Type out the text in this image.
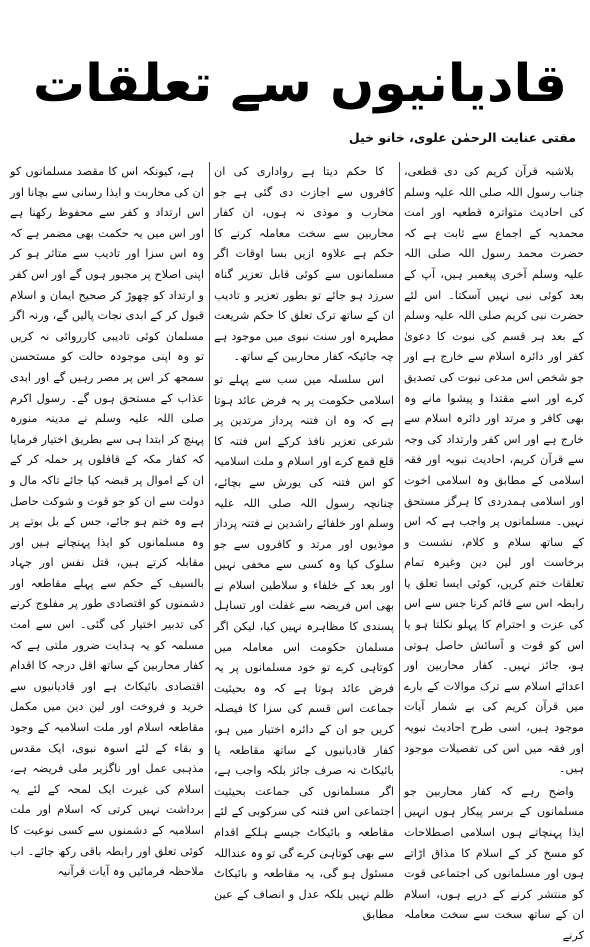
قادیانیوں سے تعلقات
مفتی عنایت الرحمٰن علوی، خانو خیل

بلاشبہ قرآن کریم کی دی قطعی، جناب رسول اللہ صلی اللہ علیہ وسلم کی احادیث متواترہ قطعیہ اور امت محمدیہ کے اجماع سے ثابت ہے کہ حضرت محمد رسول اللہ صلی اللہ علیہ وسلم آخری پیغمبر ہیں، آپ کے بعد کوئی نبی نہیں آسکتا۔ اس لئے حضرت نبی کریم صلی اللہ علیہ وسلم کے بعد ہر قسم کی نبوت کا دعویٰ کفر اور دائرہ اسلام سے خارج ہے اور جو شخص اس مدعی نبوت کی تصدیق کرے اور اسے مقتدا و پیشوا مانے وہ بھی کافر و مرتد اور دائرہ اسلام سے خارج ہے اور اس کفر وارتداد کی وجہ سے قرآن کریم، احادیث نبویہ اور فقہ اسلامی کے مطابق وہ اسلامی اخوت اور اسلامی ہمدردی کا ہرگز مستحق نہیں۔ مسلمانوں پر واجب ہے کہ اس کے ساتھ سلام و کلام، نشست و برخاست اور لین دین وغیرہ تمام تعلقات ختم کریں، کوئی ایسا تعلق یا رابطہ اس سے قائم کرنا جس سے اس کی عزت و احترام کا پہلو نکلتا ہو یا اس کو قوت و آسائش حاصل ہوتی ہو، جائز نہیں۔ کفار محاربین اور اعدائے اسلام سے ترک موالات کے بارے میں قرآن کریم کی بے شمار آیات موجود ہیں، اسی طرح احادیث نبویہ اور فقہ میں اس کی تفصیلات موجود ہیں۔

واضح رہے کہ کفار محاربین جو مسلمانوں کے برسر پیکار ہوں انہیں ایذا پہنچاتے ہوں اسلامی اصطلاحات کو مسخ کر کے اسلام کا مذاق اڑاتے ہوں اور مسلمانوں کی اجتماعی قوت کو منتشر کرنے کے درپے ہوں، اسلام ان کے ساتھ سخت سے سخت معاملہ کرنے

کا حکم دیتا ہے رواداری کی ان کافروں سے اجازت دی گئی ہے جو محارب و موذی نہ ہوں، ان کفار محاربین سے سخت معاملہ کرنے کا حکم ہے علاوہ ازیں بسا اوقات اگر مسلمانوں سے کوئی قابل تعزیر گناہ سرزد ہو جائے تو بطور تعزیر و تادیب ان کے ساتھ ترک تعلق کا حکم شریعت مطہرہ اور سنت نبوی میں موجود ہے چہ جائیکہ کفار محاربین کے ساتھ۔

اس سلسلہ میں سب سے پہلے تو اسلامی حکومت پر یہ فرض عائد ہوتا ہے کہ وہ ان فتنہ پرداز مرتدین پر شرعی تعزیر نافذ کرکے اس فتنہ کا قلع قمع کرے اور اسلام و ملت اسلامیہ کو اس فتنہ کی یورش سے بچائے، چنانچہ رسول اللہ صلی اللہ علیہ وسلم اور خلفائے راشدین نے فتنہ پرداز موذیوں اور مرتد و کافروں سے جو سلوک کیا وہ کسی سے مخفی نہیں اور بعد کے خلفاء و سلاطین اسلام نے بھی اس فریضہ سے غفلت اور تساہل پسندی کا مظاہرہ نہیں کیا، لیکن اگر مسلمان حکومت اس معاملہ میں کوتاہی کرے تو خود مسلمانوں پر یہ فرض عائد ہوتا ہے کہ وہ بحیثیت جماعت اس قسم کی سزا کا فیصلہ کریں جو ان کے دائرہ اختیار میں ہو، کفار قادیانیوں کے ساتھ مقاطعہ یا بائیکاٹ نہ صرف جائز بلکہ واجب ہے، اگر مسلمانوں کی جماعت بحیثیت اجتماعی اس فتنہ کی سرکوبی کے لئے مقاطعہ و بائیکاٹ جیسے ہلکے اقدام سے بھی کوتاہی کرے گی تو وہ عنداللہ مسئول ہو گی، یہ مقاطعہ و بائیکاٹ ظلم نہیں بلکہ عدل و انصاف کے عین مطابق

ہے، کیونکہ اس کا مقصد مسلمانوں کو ان کی محاربت و ایذا رسانی سے بچانا اور اس ارتداد و کفر سے محفوظ رکھنا ہے اور اس میں یہ حکمت بھی مضمر ہے کہ وہ اس سزا اور تادیب سے متاثر ہو کر اپنی اصلاح پر مجبور ہوں گے اور اس کفر و ارتداد کو چھوڑ کر صحیح ایمان و اسلام قبول کر کے ابدی نجات پالیں گے، ورنہ اگر مسلمان کوئی تادیبی کارروائی نہ کریں تو وہ اپنی موجودہ حالت کو مستحسن سمجھ کر اس پر مصر رہیں گے اور ابدی عذاب کے مستحق ہوں گے۔ رسول اکرم صلی اللہ علیہ وسلم نے مدینہ منورہ پہنچ کر ابتدا ہی سے بطریق اختیار فرمایا کہ کفار مکہ کے قافلوں پر حملہ کر کے ان کے اموال پر قبضہ کیا جائے تاکہ مال و دولت سے ان کو جو قوت و شوکت حاصل ہے وہ ختم ہو جائے، جس کے بل بوتے پر وہ مسلمانوں کو ایذا پہنچاتے ہیں اور مقابلہ کرتے ہیں، قتل نفس اور جہاد بالسیف کے حکم سے پہلے مقاطعہ اور دشمنوں کو اقتصادی طور پر مفلوج کرنے کی تدبیر اختیار کی گئی۔ اس سے امت مسلمہ کو یہ ہدایت ضرور ملتی ہے کہ کفار محاربین کے ساتھ اقل درجہ کا اقدام اقتصادی بائیکاٹ ہے اور قادیانیوں سے خرید و فروخت اور لین دین میں مکمل مقاطعہ اسلام اور ملت اسلامیہ کے وجود و بقاء کے لئے اسوہ نبوی، ایک مقدس مذہبی عمل اور ناگزیر ملی فریضہ ہے، اسلام کی غیرت ایک لمحہ کے لئے یہ برداشت نہیں کرتی کہ اسلام اور ملت اسلامیہ کے دشمنوں سے کسی نوعیت کا کوئی تعلق اور رابطہ باقی رکھ جائے۔ اب ملاحظہ فرمائیں وہ آیات قرآنیہ
